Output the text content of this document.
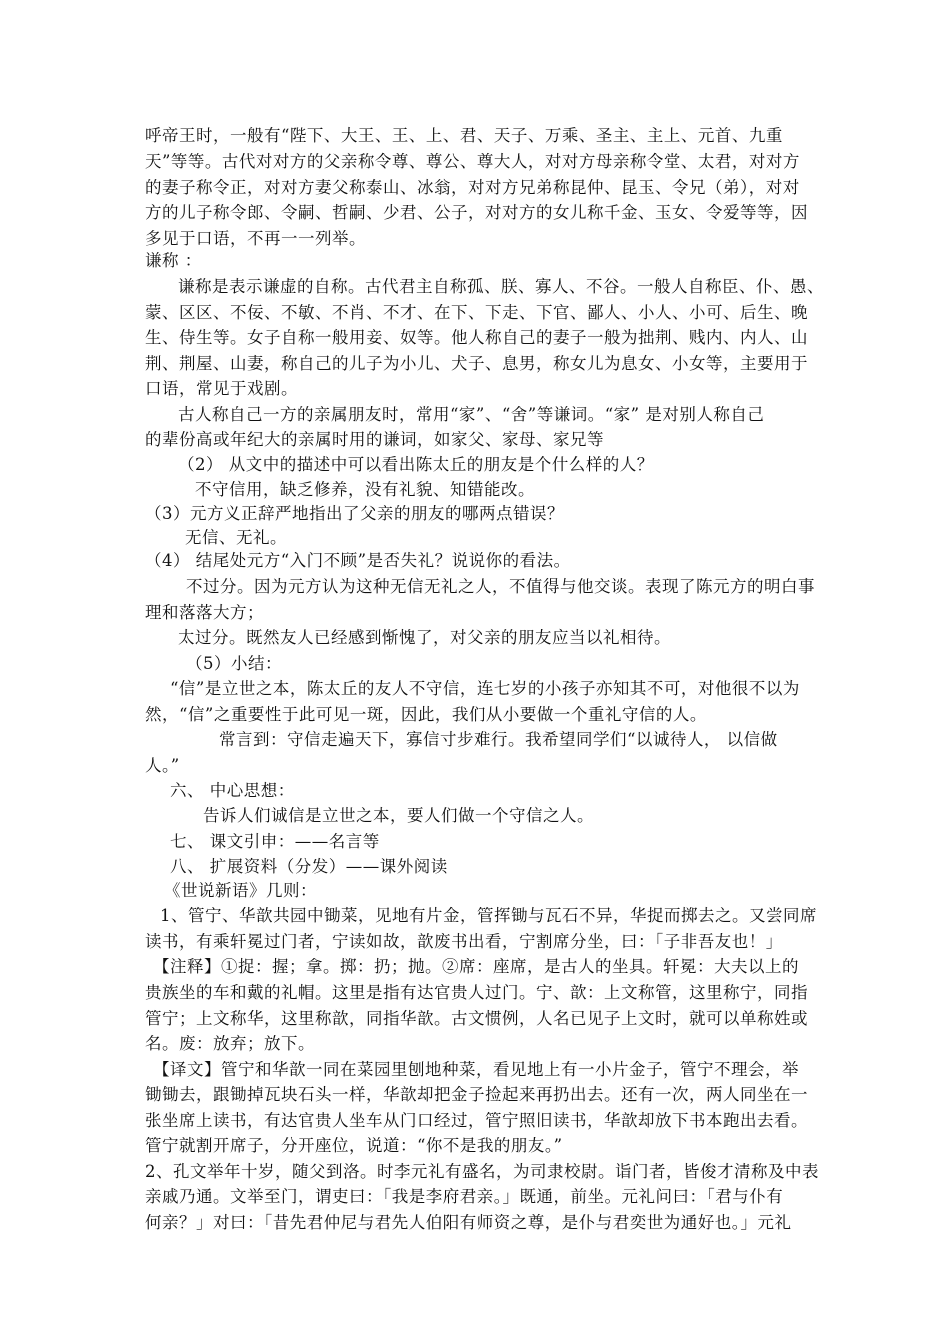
呼帝王时，一般有“陛下、大王、王、上、君、天子、万乘、圣主、主上、元首、九重
天”等等。古代对对方的父亲称令尊、尊公、尊大人，对对方母亲称令堂、太君，对对方
的妻子称令正，对对方妻父称泰山、冰翁，对对方兄弟称昆仲、昆玉、令兄（弟），对对
方的儿子称令郎、令嗣、哲嗣、少君、公子，对对方的女儿称千金、玉女、令爱等等，因
多见于口语，不再一一列举。
谦称 ：
谦称是表示谦虚的自称。古代君主自称孤、朕、寡人、不谷。一般人自称臣、仆、愚、
蒙、区区、不佞、不敏、不肖、不才、在下、下走、下官、鄙人、小人、小可、后生、晚
生、侍生等。女子自称一般用妾、奴等。他人称自己的妻子一般为拙荆、贱内、内人、山
荆、荆屋、山妻，称自己的儿子为小儿、犬子、息男，称女儿为息女、小女等，主要用于
口语，常见于戏剧。
古人称自己一方的亲属朋友时，常用“家”、“舍”等谦词。“家” 是对别人称自己
的辈份高或年纪大的亲属时用的谦词，如家父、家母、家兄等
（2） 从文中的描述中可以看出陈太丘的朋友是个什么样的人？
不守信用，缺乏修养，没有礼貌、知错能改。
（3）元方义正辞严地指出了父亲的朋友的哪两点错误？
无信、无礼。
（4） 结尾处元方“入门不顾”是否失礼？说说你的看法。
不过分。因为元方认为这种无信无礼之人，不值得与他交谈。表现了陈元方的明白事
理和落落大方；
太过分。既然友人已经感到惭愧了，对父亲的朋友应当以礼相待。
（5）小结：
“信”是立世之本，陈太丘的友人不守信，连七岁的小孩子亦知其不可，对他很不以为
然，“信”之重要性于此可见一斑，因此，我们从小要做一个重礼守信的人。
常言到：守信走遍天下，寡信寸步难行。我希望同学们“以诚待人， 以信做
人。”
六、 中心思想：
告诉人们诚信是立世之本，要人们做一个守信之人。
七、 课文引申：——名言等
八、 扩展资料（分发）——课外阅读
《世说新语》几则：
1、管宁、华歆共园中锄菜，见地有片金，管挥锄与瓦石不异，华捉而掷去之。又尝同席
读书，有乘轩冕过门者，宁读如故，歆废书出看，宁割席分坐，曰：「子非吾友也！」
【注释】①捉：握；拿。掷：扔；抛。②席：座席，是古人的坐具。轩冕：大夫以上的
贵族坐的车和戴的礼帽。这里是指有达官贵人过门。宁、歆：上文称管，这里称宁，同指
管宁；上文称华，这里称歆，同指华歆。古文惯例，人名已见子上文时，就可以单称姓或
名。废：放弃；放下。
【译文】管宁和华歆一同在菜园里刨地种菜，看见地上有一小片金子，管宁不理会，举
锄锄去，跟锄掉瓦块石头一样，华歆却把金子捡起来再扔出去。还有一次，两人同坐在一
张坐席上读书，有达官贵人坐车从门口经过，管宁照旧读书，华歆却放下书本跑出去看。
管宁就割开席子，分开座位，说道：“你不是我的朋友。”
2、孔文举年十岁，随父到洛。时李元礼有盛名，为司隶校尉。诣门者，皆俊才清称及中表
亲戚乃通。文举至门，谓吏曰：「我是李府君亲。」既通，前坐。元礼问曰：「君与仆有
何亲？」对曰：「昔先君仲尼与君先人伯阳有师资之尊，是仆与君奕世为通好也。」元礼
